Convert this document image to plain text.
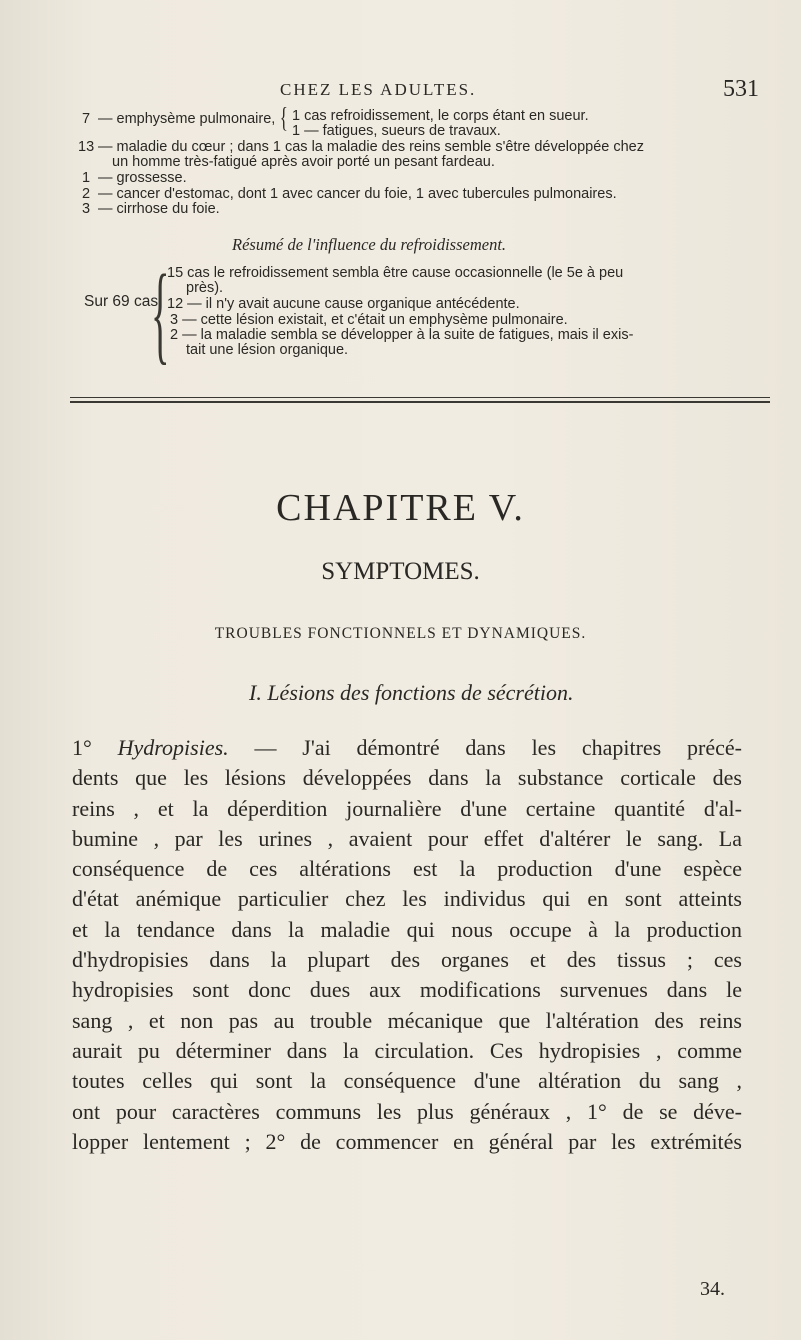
CHEZ LES ADULTES.	531
7 — emphysème pulmonaire, { 1 cas refroidissement, le corps étant en sueur.
1 — fatigues, sueurs de travaux.
13 — maladie du cœur ; dans 1 cas la maladie des reins semble s'être développée chez
un homme très-fatigué après avoir porté un pesant fardeau.
1 — grossesse.
2 — cancer d'estomac, dont 1 avec cancer du foie, 1 avec tubercules pulmonaires.
3 — cirrhose du foie.
Résumé de l'influence du refroidissement.
Sur 69 cas.
{
15 cas le refroidissement sembla être cause occasionnelle (le 5e à peu
près).
12 — il n'y avait aucune cause organique antécédente.
3 — cette lésion existait, et c'était un emphysème pulmonaire.
2 — la maladie sembla se développer à la suite de fatigues, mais il exis-
tait une lésion organique.
CHAPITRE V.
SYMPTOMES.
TROUBLES FONCTIONNELS ET DYNAMIQUES.
I. Lésions des fonctions de sécrétion.
1° Hydropisies. — J'ai démontré dans les chapitres précé-
dents que les lésions développées dans la substance corticale des
reins , et la déperdition journalière d'une certaine quantité d'al-
bumine , par les urines , avaient pour effet d'altérer le sang. La
conséquence de ces altérations est la production d'une espèce
d'état anémique particulier chez les individus qui en sont atteints
et la tendance dans la maladie qui nous occupe à la production
d'hydropisies dans la plupart des organes et des tissus ; ces
hydropisies sont donc dues aux modifications survenues dans le
sang , et non pas au trouble mécanique que l'altération des reins
aurait pu déterminer dans la circulation. Ces hydropisies , comme
toutes celles qui sont la conséquence d'une altération du sang ,
ont pour caractères communs les plus généraux , 1° de se déve-
lopper lentement ; 2° de commencer en général par les extrémités
34.
